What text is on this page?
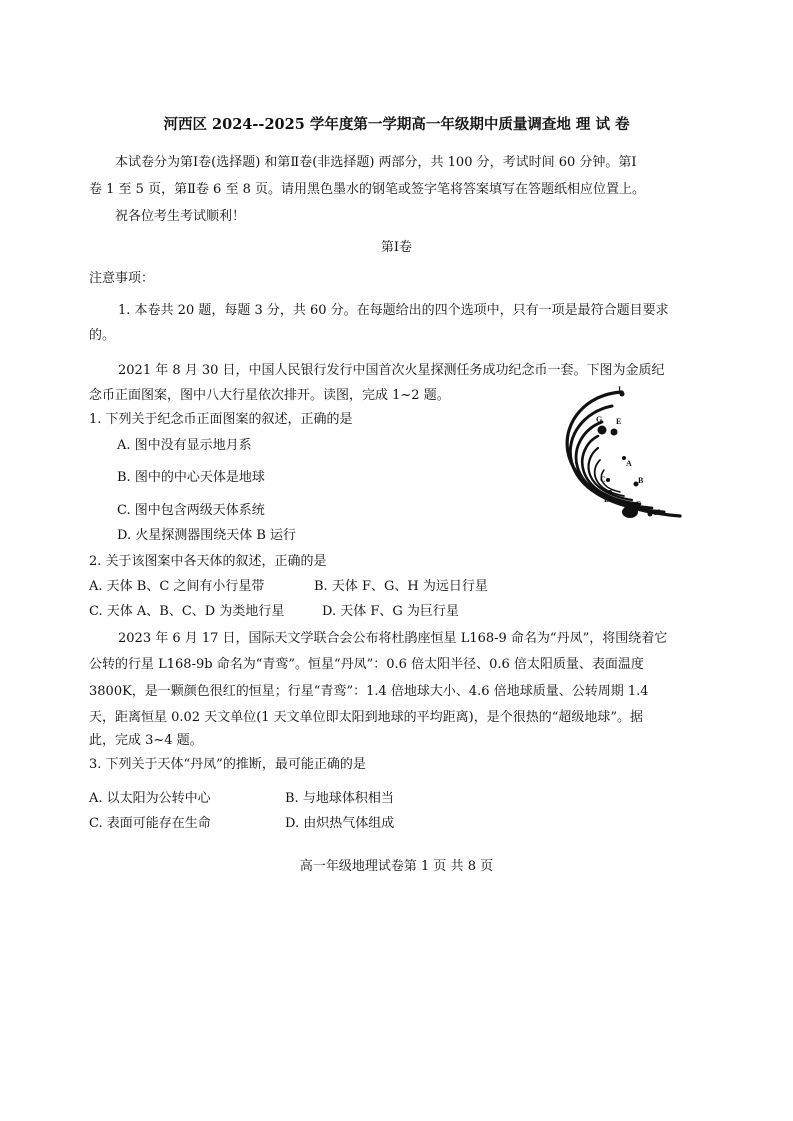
河西区 2024--2025 学年度第一学期高一年级期中质量调查地 理 试 卷
本试卷分为第Ⅰ卷(选择题) 和第Ⅱ卷(非选择题) 两部分，共 100 分，考试时间 60 分钟。第Ⅰ
卷 1 至 5 页，第Ⅱ卷 6 至 8 页。请用黑色墨水的钢笔或签字笔将答案填写在答题纸相应位置上。
祝各位考生考试顺利！
第Ⅰ卷
注意事项：
1. 本卷共 20 题，每题 3 分，共 60 分。在每题给出的四个选项中，只有一项是最符合题目要求
的。
2021 年 8 月 30 日，中国人民银行发行中国首次火星探测任务成功纪念币一套。下图为金质纪
念币正面图案，图中八大行星依次排开。读图，完成 1~2 题。
1. 下列关于纪念币正面图案的叙述，正确的是
A. 图中没有显示地月系
B. 图中的中心天体是地球
C. 图中包含两级天体系统
D. 火星探测器围绕天体 B 运行
2. 关于该图案中各天体的叙述，正确的是
A. 天体 B、C 之间有小行星带	B. 天体 F、G、H 为远日行星
C. 天体 A、B、C、D 为类地行星	D. 天体 F、G 为巨行星
2023 年 6 月 17 日，国际天文学联合会公布将杜鹃座恒星 L168-9 命名为“丹凤”，将围绕着它
公转的行星 L168-9b 命名为“青鸾”。恒星“丹凤”：0.6 倍太阳半径、0.6 倍太阳质量、表面温度
3800K，是一颗颜色很红的恒星；行星“青鸾”：1.4 倍地球大小、4.6 倍地球质量、公转周期 1.4
天，距离恒星 0.02 天文单位(1 天文单位即太阳到地球的平均距离)，是个很热的“超级地球”。据
此，完成 3~4 题。
3. 下列关于天体“丹凤”的推断，最可能正确的是
A. 以太阳为公转中心	B. 与地球体积相当
C. 表面可能存在生命	D. 由炽热气体组成
高一年级地理试卷第 1 页 共 8 页
I
G E
A
C	B
D
F
H
